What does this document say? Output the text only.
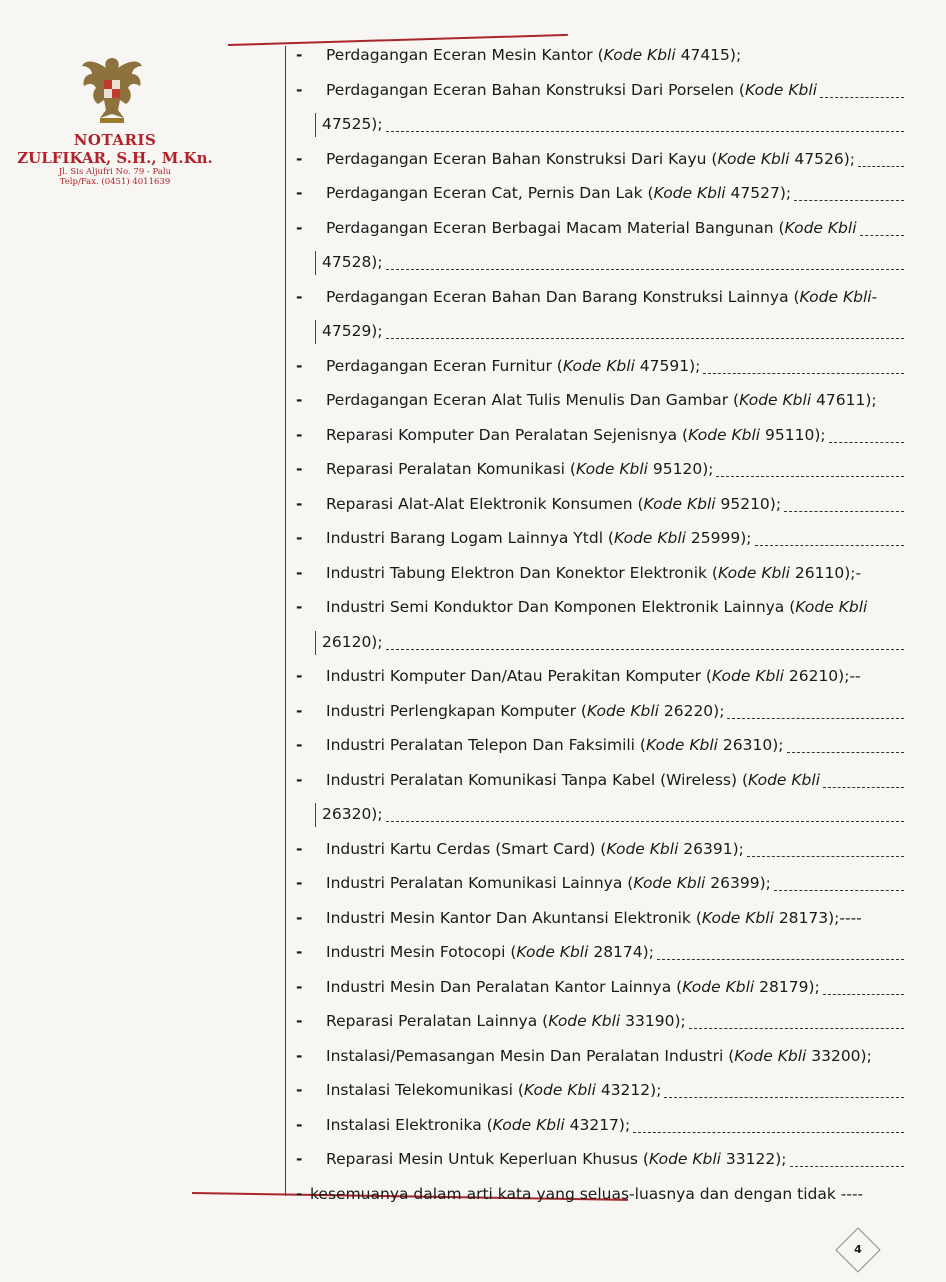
NOTARIS
ZULFIKAR, S.H., M.Kn.
Jl. Sis Aljufri No. 79 - Palu
Telp/Fax. (0451) 4011639
-	Perdagangan Eceran Mesin Kantor (Kode Kbli 47415);
-	Perdagangan Eceran Bahan Konstruksi Dari Porselen (Kode Kbli
47525);
-	Perdagangan Eceran Bahan Konstruksi Dari Kayu (Kode Kbli 47526);
-	Perdagangan Eceran Cat, Pernis Dan Lak (Kode Kbli 47527);
-	Perdagangan Eceran Berbagai Macam Material Bangunan (Kode Kbli
47528);
-	Perdagangan Eceran Bahan Dan Barang Konstruksi Lainnya (Kode Kbli-
47529);
-	Perdagangan Eceran Furnitur (Kode Kbli 47591);
-	Perdagangan Eceran Alat Tulis Menulis Dan Gambar (Kode Kbli 47611);
-	Reparasi Komputer Dan Peralatan Sejenisnya (Kode Kbli 95110);
-	Reparasi Peralatan Komunikasi (Kode Kbli 95120);
-	Reparasi Alat-Alat Elektronik Konsumen (Kode Kbli 95210);
-	Industri Barang Logam Lainnya Ytdl (Kode Kbli 25999);
-	Industri Tabung Elektron Dan Konektor Elektronik (Kode Kbli 26110);-
-	Industri Semi Konduktor Dan Komponen Elektronik Lainnya (Kode Kbli
26120);
-	Industri Komputer Dan/Atau Perakitan Komputer (Kode Kbli 26210);--
-	Industri Perlengkapan Komputer (Kode Kbli 26220);
-	Industri Peralatan Telepon Dan Faksimili (Kode Kbli 26310);
-	Industri Peralatan Komunikasi Tanpa Kabel (Wireless) (Kode Kbli
26320);
-	Industri Kartu Cerdas (Smart Card) (Kode Kbli 26391);
-	Industri Peralatan Komunikasi Lainnya (Kode Kbli 26399);
-	Industri Mesin Kantor Dan Akuntansi Elektronik (Kode Kbli 28173);----
-	Industri Mesin Fotocopi (Kode Kbli 28174);
-	Industri Mesin Dan Peralatan Kantor Lainnya (Kode Kbli 28179);
-	Reparasi Peralatan Lainnya (Kode Kbli 33190);
-	Instalasi/Pemasangan Mesin Dan Peralatan Industri (Kode Kbli 33200);
-	Instalasi Telekomunikasi (Kode Kbli 43212);
-	Instalasi Elektronika (Kode Kbli 43217);
-	Reparasi Mesin Untuk Keperluan Khusus (Kode Kbli 33122);
- kesemuanya dalam arti kata yang seluas-luasnya dan dengan tidak ----
4
